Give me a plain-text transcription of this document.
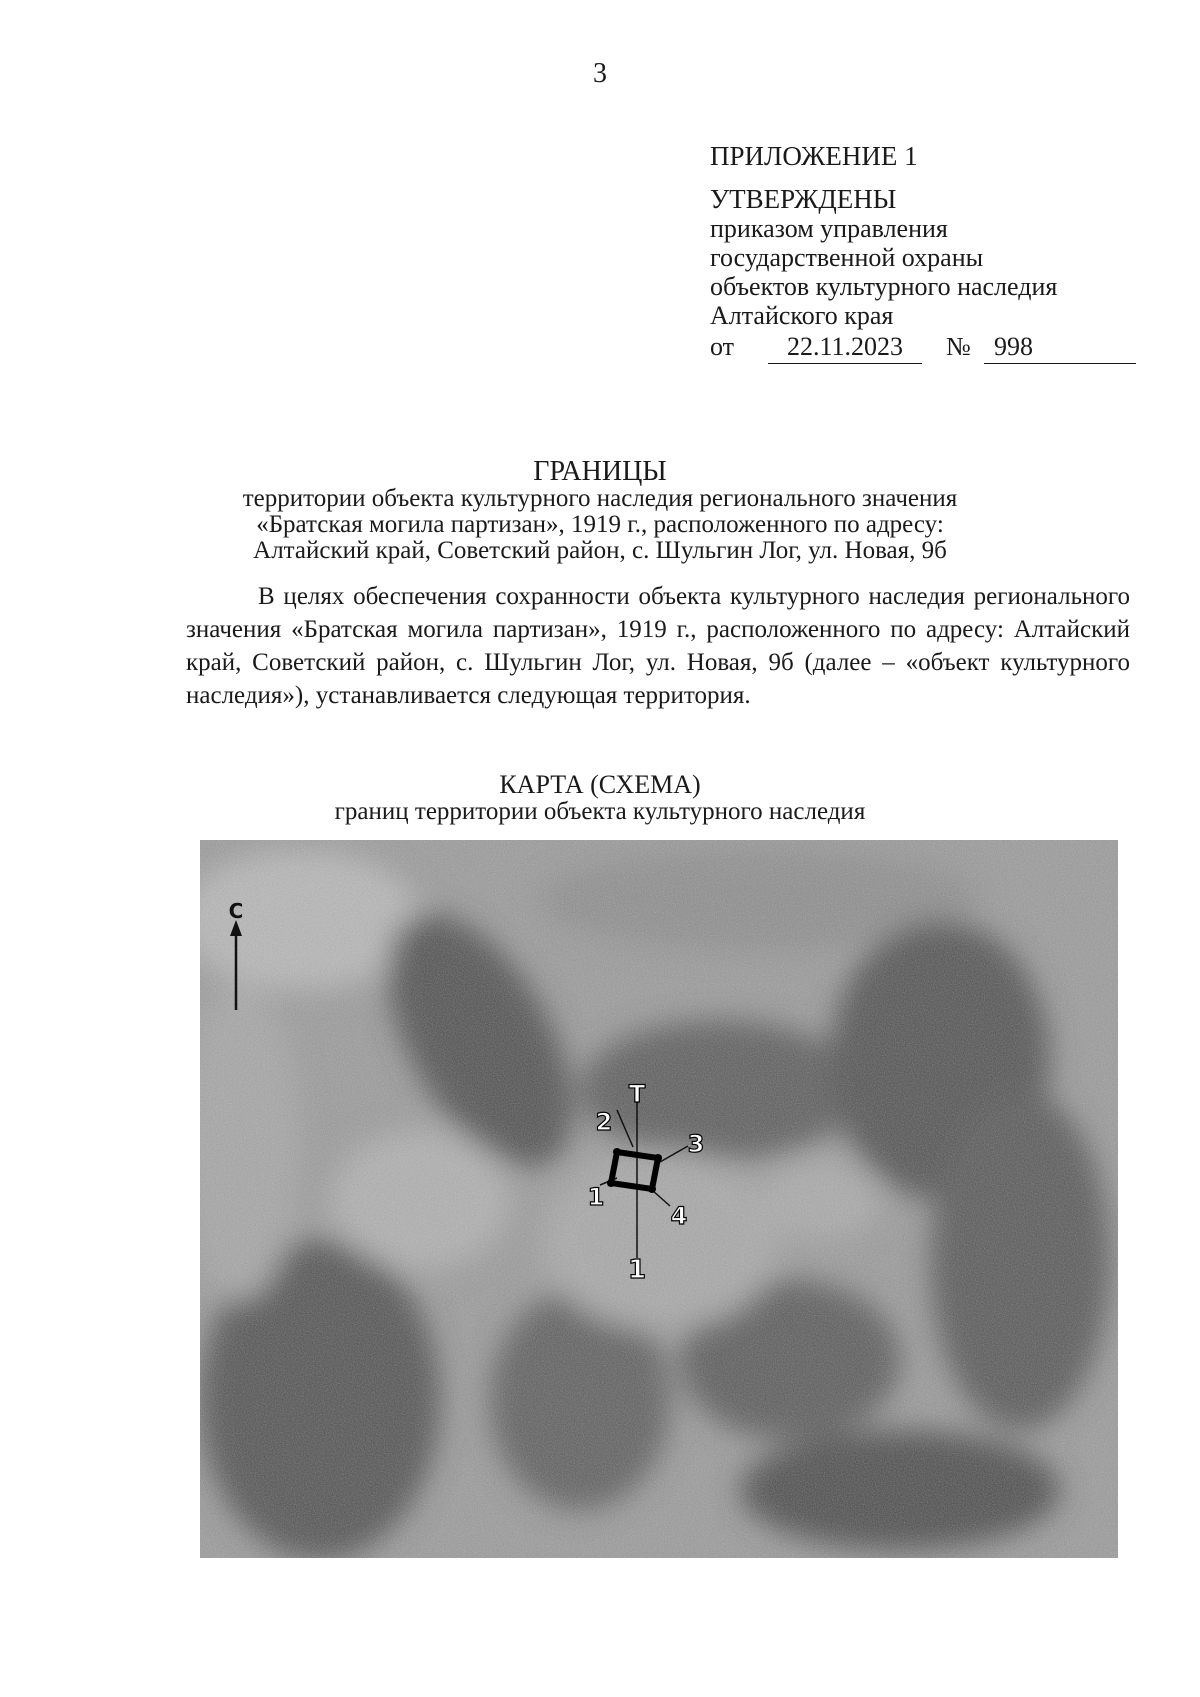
3
ПРИЛОЖЕНИЕ 1
УТВЕРЖДЕНЫ
приказом управления
государственной охраны
объектов культурного наследия
Алтайского края
от	22.11.2023	№ 998
ГРАНИЦЫ
территории объекта культурного наследия регионального значения
«Братская могила партизан», 1919 г., расположенного по адресу:
Алтайский край, Советский район, с. Шульгин Лог, ул. Новая, 9б
В целях обеспечения сохранности объекта культурного наследия регионального значения «Братская могила партизан», 1919 г., расположенного по адресу: Алтайский край, Советский район, с. Шульгин Лог, ул. Новая, 9б (далее – «объект культурного наследия»), устанавливается следующая территория.
КАРТА (СХЕМА)
границ территории объекта культурного наследия
С
Т
1
1
2
3
4
